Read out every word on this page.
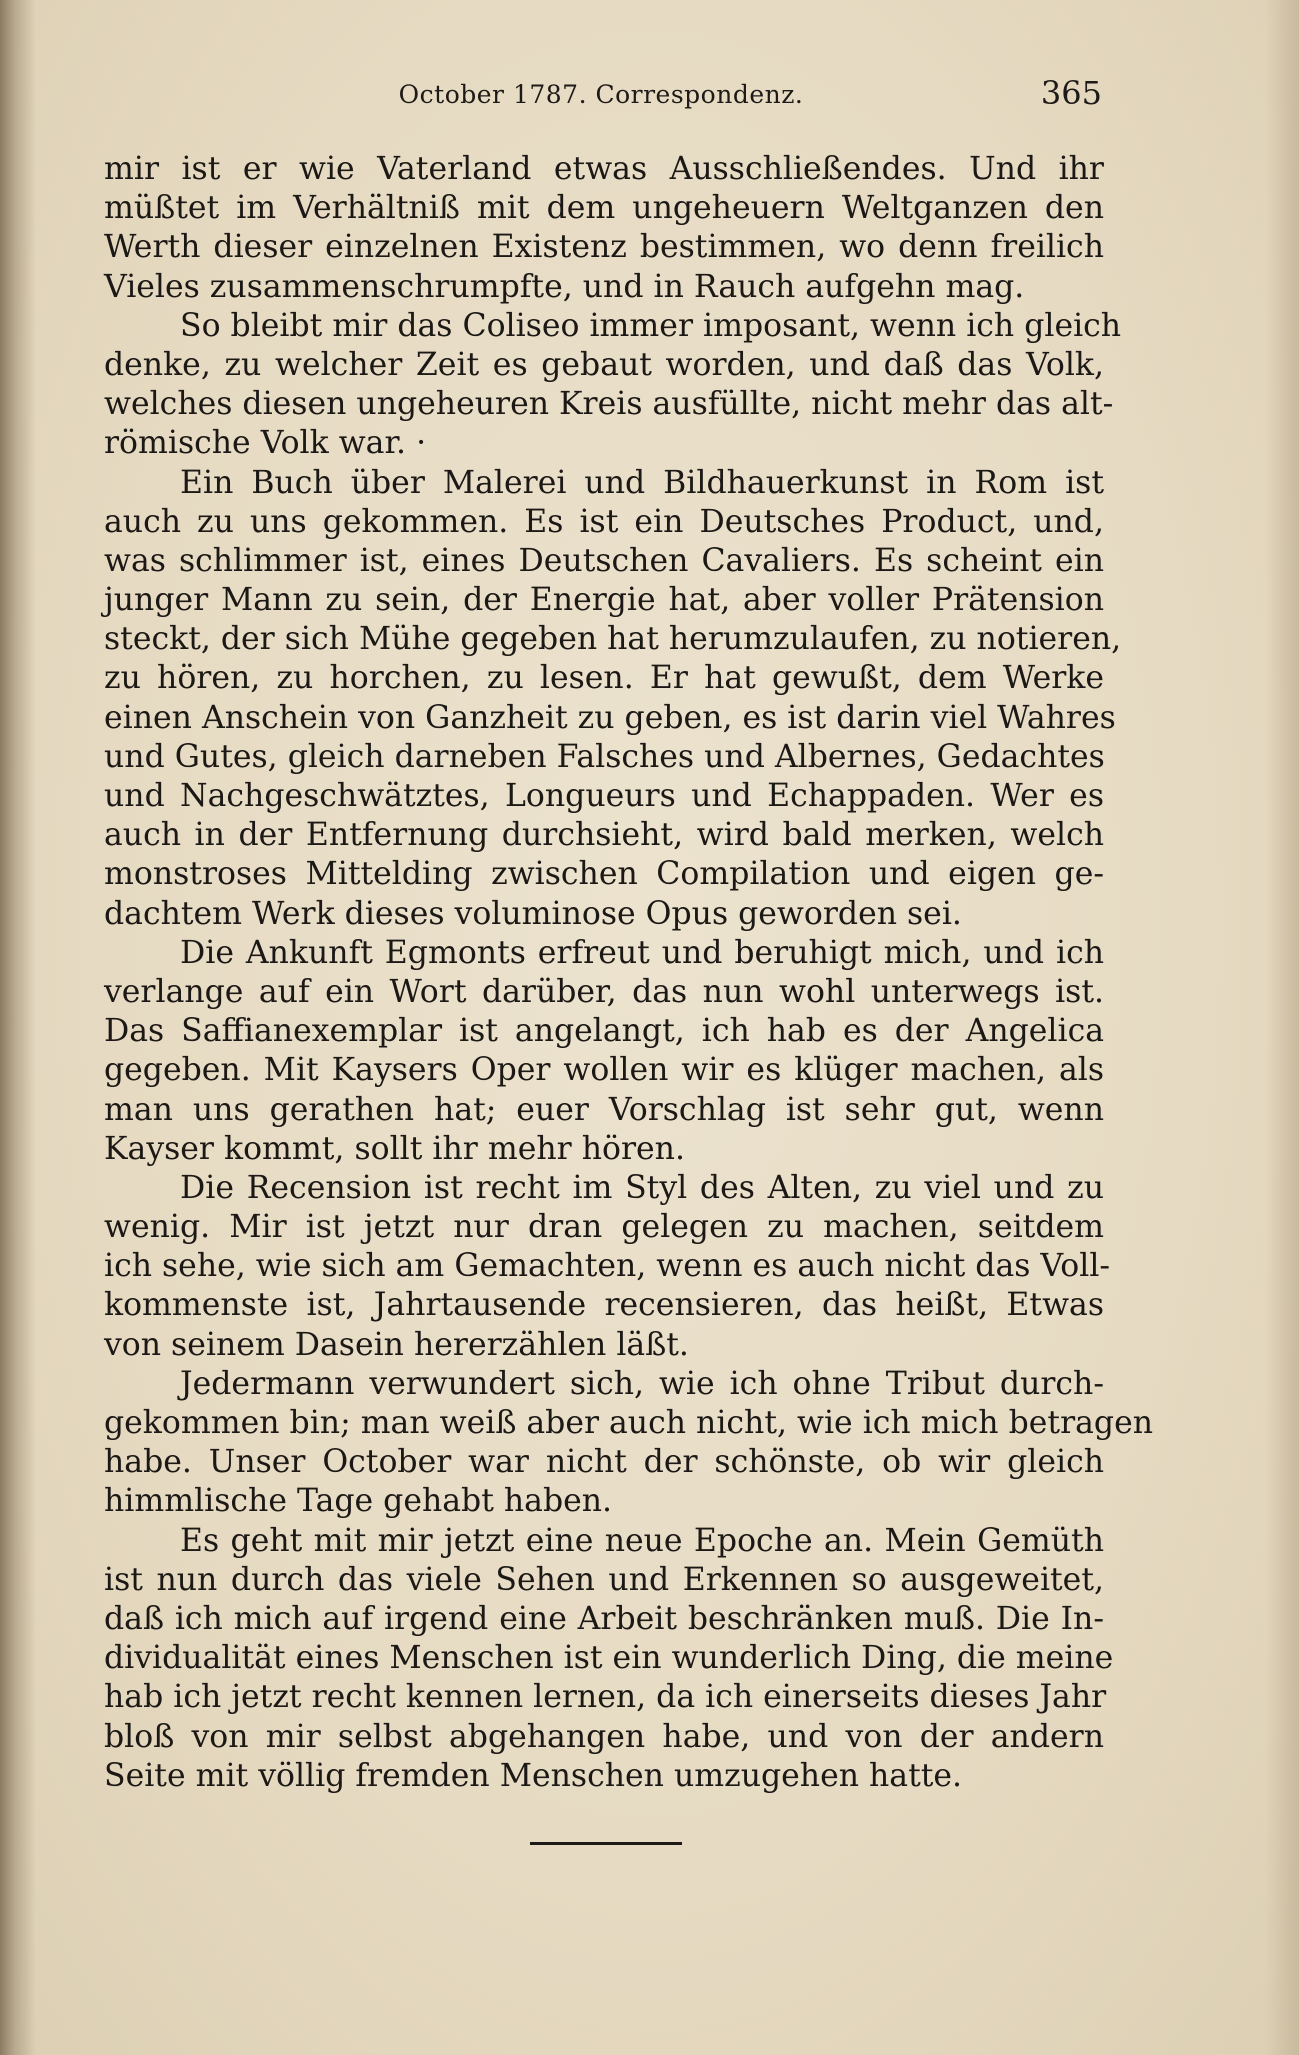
October 1787. Correspondenz.	365
mir ist er wie Vaterland etwas Ausschließendes. Und ihr
müßtet im Verhältniß mit dem ungeheuern Weltganzen den
Werth dieser einzelnen Existenz bestimmen, wo denn freilich
Vieles zusammenschrumpfte, und in Rauch aufgehn mag.
So bleibt mir das Coliseo immer imposant, wenn ich gleich
denke, zu welcher Zeit es gebaut worden, und daß das Volk,
welches diesen ungeheuren Kreis ausfüllte, nicht mehr das alt-
römische Volk war. ·
Ein Buch über Malerei und Bildhauerkunst in Rom ist
auch zu uns gekommen. Es ist ein Deutsches Product, und,
was schlimmer ist, eines Deutschen Cavaliers. Es scheint ein
junger Mann zu sein, der Energie hat, aber voller Prätension
steckt, der sich Mühe gegeben hat herumzulaufen, zu notieren,
zu hören, zu horchen, zu lesen. Er hat gewußt, dem Werke
einen Anschein von Ganzheit zu geben, es ist darin viel Wahres
und Gutes, gleich darneben Falsches und Albernes, Gedachtes
und Nachgeschwätztes, Longueurs und Echappaden. Wer es
auch in der Entfernung durchsieht, wird bald merken, welch
monstroses Mittelding zwischen Compilation und eigen ge-
dachtem Werk dieses voluminose Opus geworden sei.
Die Ankunft Egmonts erfreut und beruhigt mich, und ich
verlange auf ein Wort darüber, das nun wohl unterwegs ist.
Das Saffianexemplar ist angelangt, ich hab es der Angelica
gegeben. Mit Kaysers Oper wollen wir es klüger machen, als
man uns gerathen hat; euer Vorschlag ist sehr gut, wenn
Kayser kommt, sollt ihr mehr hören.
Die Recension ist recht im Styl des Alten, zu viel und zu
wenig. Mir ist jetzt nur dran gelegen zu machen, seitdem
ich sehe, wie sich am Gemachten, wenn es auch nicht das Voll-
kommenste ist, Jahrtausende recensieren, das heißt, Etwas
von seinem Dasein hererzählen läßt.
Jedermann verwundert sich, wie ich ohne Tribut durch-
gekommen bin; man weiß aber auch nicht, wie ich mich betragen
habe. Unser October war nicht der schönste, ob wir gleich
himmlische Tage gehabt haben.
Es geht mit mir jetzt eine neue Epoche an. Mein Gemüth
ist nun durch das viele Sehen und Erkennen so ausgeweitet,
daß ich mich auf irgend eine Arbeit beschränken muß. Die In-
dividualität eines Menschen ist ein wunderlich Ding, die meine
hab ich jetzt recht kennen lernen, da ich einerseits dieses Jahr
bloß von mir selbst abgehangen habe, und von der andern
Seite mit völlig fremden Menschen umzugehen hatte.
